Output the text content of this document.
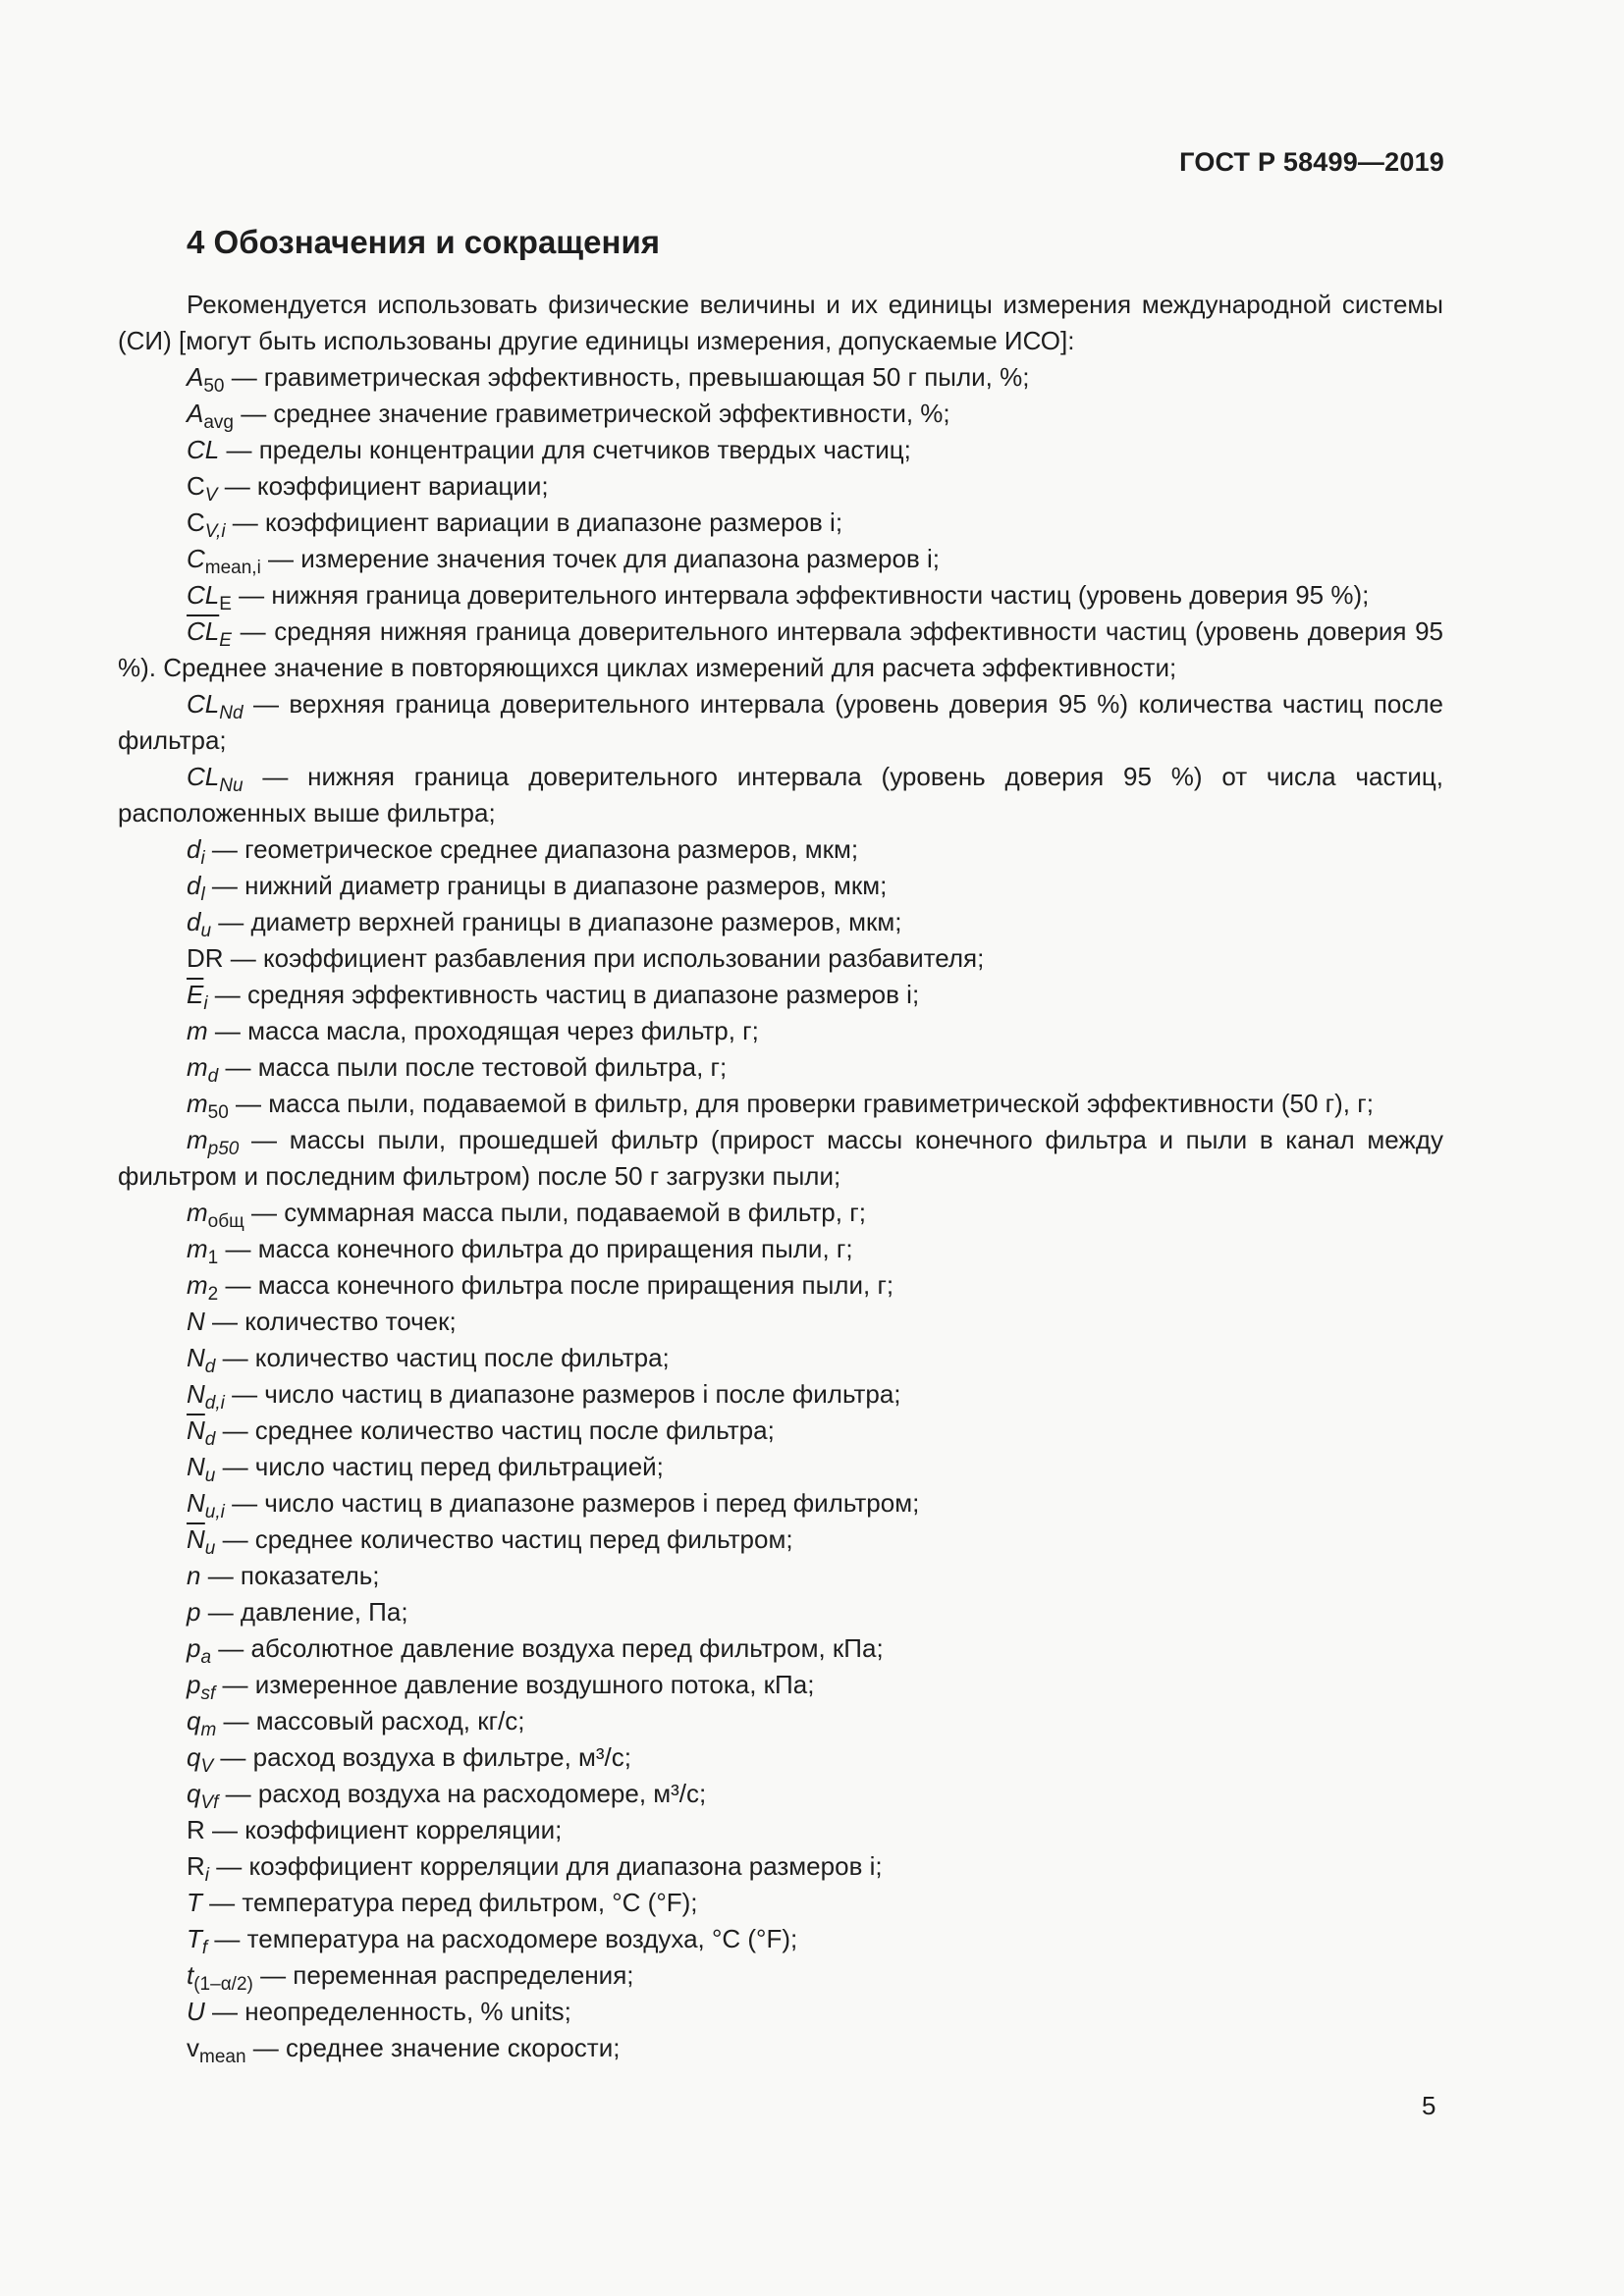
ГОСТ Р 58499—2019
4 Обозначения и сокращения

Рекомендуется использовать физические величины и их единицы измерения международной системы (СИ) [могут быть использованы другие единицы измерения, допускаемые ИСО]:

$A_{50}$ — гравиметрическая эффективность, превышающая 50 г пыли, %;
$A_{avg}$ — среднее значение гравиметрической эффективности, %;
CL — пределы концентрации для счетчиков твердых частиц;
$C_V$ — коэффициент вариации;
$C_{V,i}$ — коэффициент вариации в диапазоне размеров i;
$C_{mean,i}$ — измерение значения точек для диапазона размеров i;
$CL_E$ — нижняя граница доверительного интервала эффективности частиц (уровень доверия 95 %);
$\overline{CL}_E$ — средняя нижняя граница доверительного интервала эффективности частиц (уровень доверия 95 %). Среднее значение в повторяющихся циклах измерений для расчета эффективности;
$CL_{Nd}$ — верхняя граница доверительного интервала (уровень доверия 95 %) количества частиц после фильтра;
$CL_{Nu}$ — нижняя граница доверительного интервала (уровень доверия 95 %) от числа частиц, расположенных выше фильтра;
$d_i$ — геометрическое среднее диапазона размеров, мкм;
$d_l$ — нижний диаметр границы в диапазоне размеров, мкм;
$d_u$ — диаметр верхней границы в диапазоне размеров, мкм;
DR — коэффициент разбавления при использовании разбавителя;
$\overline{E}_i$ — средняя эффективность частиц в диапазоне размеров i;
m — масса масла, проходящая через фильтр, г;
$m_d$ — масса пыли после тестовой фильтра, г;
$m_{50}$ — масса пыли, подаваемой в фильтр, для проверки гравиметрической эффективности (50 г), г;
$m_{p50}$ — массы пыли, прошедшей фильтр (прирост массы конечного фильтра и пыли в канал между фильтром и последним фильтром) после 50 г загрузки пыли;
$m_{общ}$ — суммарная масса пыли, подаваемой в фильтр, г;
$m_1$ — масса конечного фильтра до приращения пыли, г;
$m_2$ — масса конечного фильтра после приращения пыли, г;
N — количество точек;
$N_d$ — количество частиц после фильтра;
$N_{d,i}$ — число частиц в диапазоне размеров i после фильтра;
$\overline{N}_d$ — среднее количество частиц после фильтра;
$N_u$ — число частиц перед фильтрацией;
$N_{u,i}$ — число частиц в диапазоне размеров i перед фильтром;
$\overline{N}_u$ — среднее количество частиц перед фильтром;
n — показатель;
p — давление, Па;
$p_a$ — абсолютное давление воздуха перед фильтром, кПа;
$p_{sf}$ — измеренное давление воздушного потока, кПа;
$q_m$ — массовый расход, кг/с;
$q_V$ — расход воздуха в фильтре, м³/с;
$q_{Vf}$ — расход воздуха на расходомере, м³/с;
R — коэффициент корреляции;
$R_i$ — коэффициент корреляции для диапазона размеров i;
T — температура перед фильтром, °C (°F);
$T_f$ — температура на расходомере воздуха, °C (°F);
$t_{(1-\alpha/2)}$ — переменная распределения;
U — неопределенность, % units;
$v_{mean}$ — среднее значение скорости;
5
